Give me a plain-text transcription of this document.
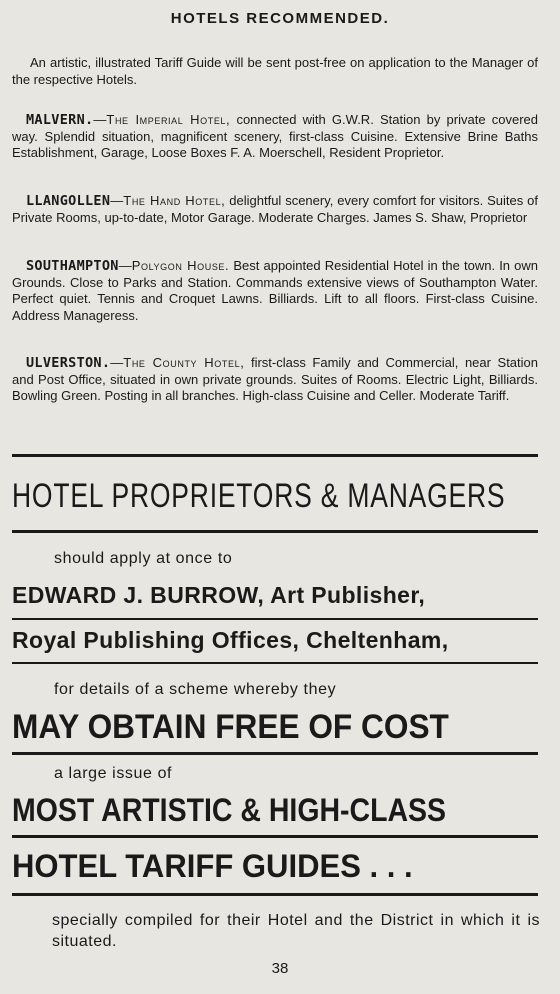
HOTELS RECOMMENDED.
An artistic, illustrated Tariff Guide will be sent post-free on application to the Manager of the respective Hotels.
MALVERN.—The Imperial Hotel, connected with G.W.R. Station by private covered way. Splendid situation, magnificent scenery, first-class Cuisine. Extensive Brine Baths Establishment, Garage, Loose Boxes F. A. Moerschell, Resident Proprietor.
LLANGOLLEN—The Hand Hotel, delightful scenery, every comfort for visitors. Suites of Private Rooms, up-to-date, Motor Garage. Moderate Charges. James S. Shaw, Proprietor
SOUTHAMPTON—Polygon House. Best appointed Residential Hotel in the town. In own Grounds. Close to Parks and Station. Commands extensive views of Southampton Water. Perfect quiet. Tennis and Croquet Lawns. Billiards. Lift to all floors. First-class Cuisine. Address Manageress.
ULVERSTON.—The County Hotel, first-class Family and Commercial, near Station and Post Office, situated in own private grounds. Suites of Rooms. Electric Light, Billiards. Bowling Green. Posting in all branches. High-class Cuisine and Celler. Moderate Tariff.
HOTEL PROPRIETORS & MANAGERS
should apply at once to
EDWARD J. BURROW, Art Publisher,
Royal Publishing Offices, Cheltenham,
for details of a scheme whereby they
MAY OBTAIN FREE OF COST
a large issue of
MOST ARTISTIC & HIGH-CLASS
HOTEL TARIFF GUIDES . . .
specially compiled for their Hotel and the District in which it is situated.
38
